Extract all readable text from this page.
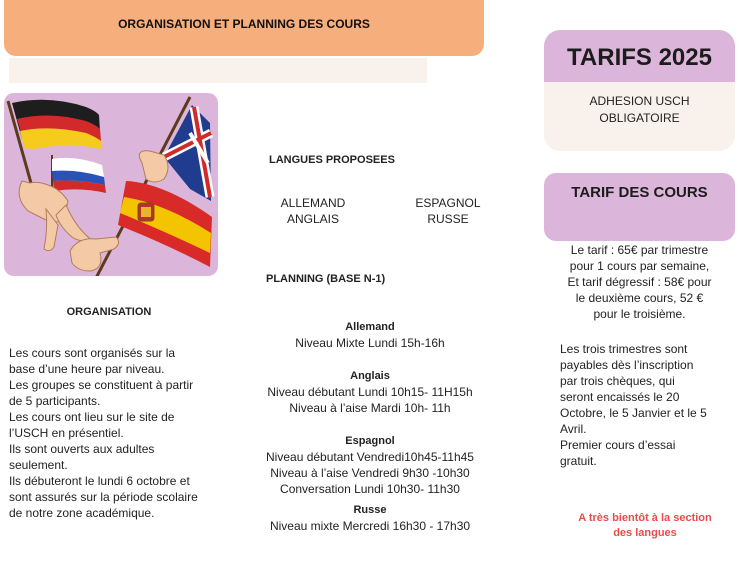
ORGANISATION ET PLANNING DES COURS
ORGANISATION
Les cours sont organisés sur la
base d’une heure par niveau.
Les groupes se constituent à partir
de 5 participants.
Les cours ont lieu sur le site de
l’USCH en présentiel.
Ils sont ouverts aux adultes
seulement.
Ils débuteront le lundi 6 octobre et
sont assurés sur la période scolaire
de notre zone académique.
LANGUES PROPOSEES
ALLEMAND
ANGLAIS
ESPAGNOL
RUSSE
PLANNING (BASE N-1)
Allemand
Niveau Mixte Lundi 15h-16h
Anglais
Niveau débutant Lundi 10h15- 11H15h
Niveau à l’aise Mardi 10h- 11h
Espagnol
Niveau débutant Vendredi10h45-11h45
Niveau à l’aise Vendredi 9h30 -10h30
Conversation Lundi 10h30- 11h30
Russe
Niveau mixte Mercredi 16h30 - 17h30
TARIFS 2025
ADHESION USCH
OBLIGATOIRE
TARIF DES COURS
Le tarif : 65€ par trimestre
pour 1 cours par semaine,
Et tarif dégressif : 58€ pour
le deuxième cours, 52 €
pour le troisième.
Les trois trimestres sont
payables dès l’inscription
par trois chèques, qui
seront encaissés le 20
Octobre, le 5 Janvier et le 5
Avril.
Premier cours d’essai
gratuit.
A très bientôt à la section
des langues
